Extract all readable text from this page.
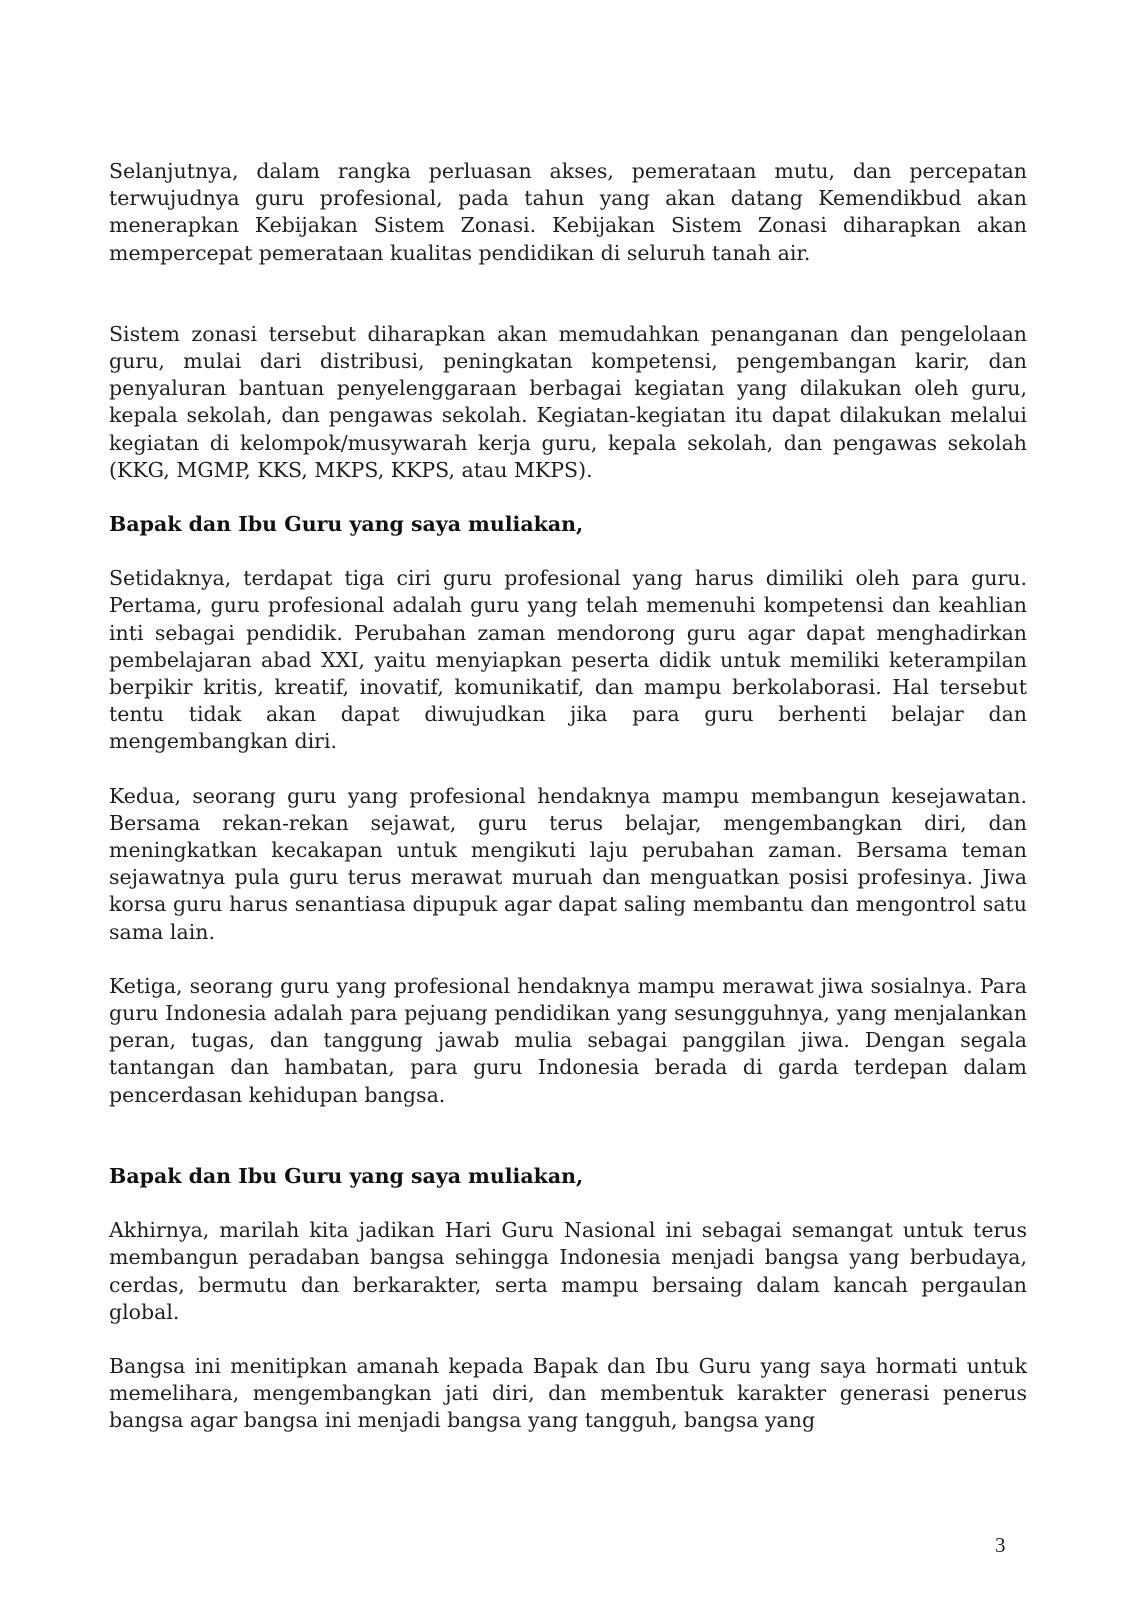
Selanjutnya, dalam rangka perluasan akses, pemerataan mutu, dan percepatan terwujudnya guru profesional, pada tahun yang akan datang Kemendikbud akan menerapkan Kebijakan Sistem Zonasi. Kebijakan Sistem Zonasi diharapkan akan mempercepat pemerataan kualitas pendidikan di seluruh tanah air.

Sistem zonasi tersebut diharapkan akan memudahkan penanganan dan pengelolaan guru, mulai dari distribusi, peningkatan kompetensi, pengembangan karir, dan penyaluran bantuan penyelenggaraan berbagai kegiatan yang dilakukan oleh guru, kepala sekolah, dan pengawas sekolah. Kegiatan-kegiatan itu dapat dilakukan melalui kegiatan di kelompok/musywarah kerja guru, kepala sekolah, dan pengawas sekolah (KKG, MGMP, KKS, MKPS, KKPS, atau MKPS).

Bapak dan Ibu Guru yang saya muliakan,

Setidaknya, terdapat tiga ciri guru profesional yang harus dimiliki oleh para guru. Pertama, guru profesional adalah guru yang telah memenuhi kompetensi dan keahlian inti sebagai pendidik. Perubahan zaman mendorong guru agar dapat menghadirkan pembelajaran abad XXI, yaitu menyiapkan peserta didik untuk memiliki keterampilan berpikir kritis, kreatif, inovatif, komunikatif, dan mampu berkolaborasi. Hal tersebut tentu tidak akan dapat diwujudkan jika para guru berhenti belajar dan mengembangkan diri.

Kedua, seorang guru yang profesional hendaknya mampu membangun kesejawatan. Bersama rekan-rekan sejawat, guru terus belajar, mengembangkan diri, dan meningkatkan kecakapan untuk mengikuti laju perubahan zaman. Bersama teman sejawatnya pula guru terus merawat muruah dan menguatkan posisi profesinya. Jiwa korsa guru harus senantiasa dipupuk agar dapat saling membantu dan mengontrol satu sama lain.

Ketiga, seorang guru yang profesional hendaknya mampu merawat jiwa sosialnya. Para guru Indonesia adalah para pejuang pendidikan yang sesungguhnya, yang menjalankan peran, tugas, dan tanggung jawab mulia sebagai panggilan jiwa. Dengan segala tantangan dan hambatan, para guru Indonesia berada di garda terdepan dalam pencerdasan kehidupan bangsa.

Bapak dan Ibu Guru yang saya muliakan,

Akhirnya, marilah kita jadikan Hari Guru Nasional ini sebagai semangat untuk terus membangun peradaban bangsa sehingga Indonesia menjadi bangsa yang berbudaya, cerdas, bermutu dan berkarakter, serta mampu bersaing dalam kancah pergaulan global.

Bangsa ini menitipkan amanah kepada Bapak dan Ibu Guru yang saya hormati untuk memelihara, mengembangkan jati diri, dan membentuk karakter generasi penerus bangsa agar bangsa ini menjadi bangsa yang tangguh, bangsa yang

3
